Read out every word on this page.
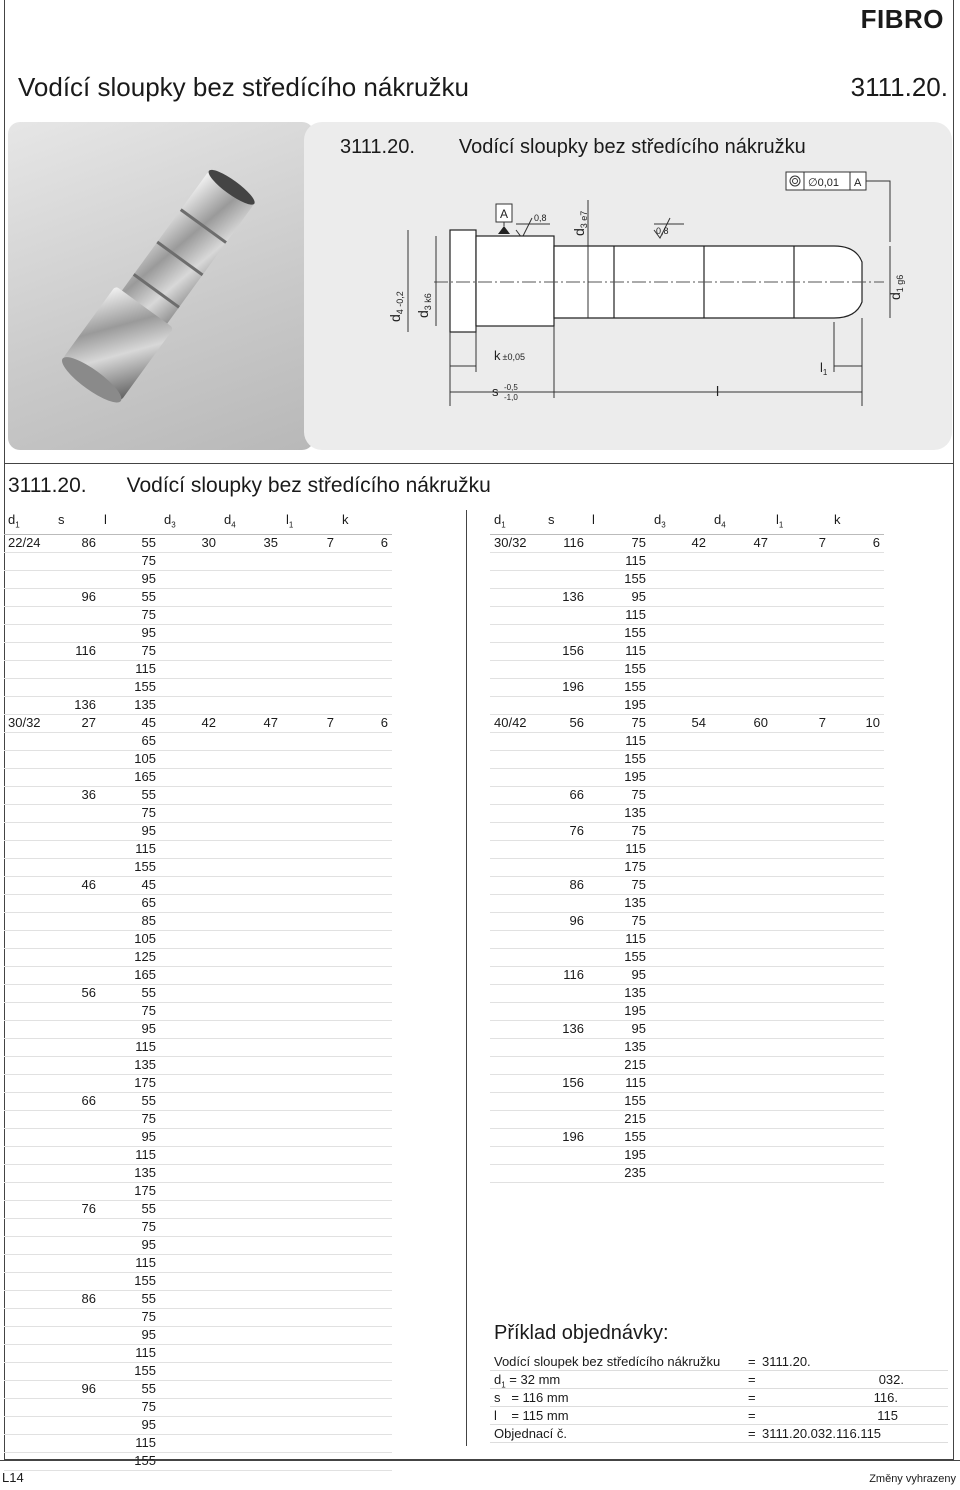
FIBRO
Vodící sloupky bez středícího nákružku	3111.20.
3111.20. Vodící sloupky bez středícího nákružku
∅0,01 A
A	0,8
0,8
$d_{4 -0,2}$ $d_{3 k6}$
$d_{3 e7}$
$d_{1 g6}$
k ±0,05
s -0,5
-1,0	l
$l_1$
3111.20. Vodící sloupky bez středícího nákružku
$d_1$	s	l	$d_3$	$d_4$	$l_1$	k
22/24	86	55	30	35	7	6
		75				
		95				
	96	55				
		75				
		95				
	116	75				
		115				
		155				
	136	135				
30/32	27	45	42	47	7	6
		65				
		105				
		165				
	36	55				
		75				
		95				
		115				
		155				
	46	45				
		65				
		85				
		105				
		125				
		165				
	56	55				
		75				
		95				
		115				
		135				
		175				
	66	55				
		75				
		95				
		115				
		135				
		175				
	76	55				
		75				
		95				
		115				
		155				
	86	55				
		75				
		95				
		115				
		155				
	96	55				
		75				
		95				
		115				
		155				
$d_1$	s	l	$d_3$	$d_4$	$l_1$	k
30/32	116	75	42	47	7	6
		115				
		155				
	136	95				
		115				
		155				
	156	115				
		155				
	196	155				
		195				
40/42	56	75	54	60	7	10
		115				
		155				
		195				
	66	75				
		135				
	76	75				
		115				
		175				
	86	75				
		135				
	96	75				
		115				
		155				
	116	95				
		135				
		195				
	136	95				
		135				
		215				
	156	115				
		155				
		215				
	196	155				
		195				
		235				
Příklad objednávky:
Vodící sloupek bez středícího nákružku = 3111.20.
$d_1 = 32$ mm	=	032.
s   = 116 mm	=	116.
l    = 115 mm	=	115
Objednací č.	= 3111.20.032.116.115
L14	Změny vyhrazeny
